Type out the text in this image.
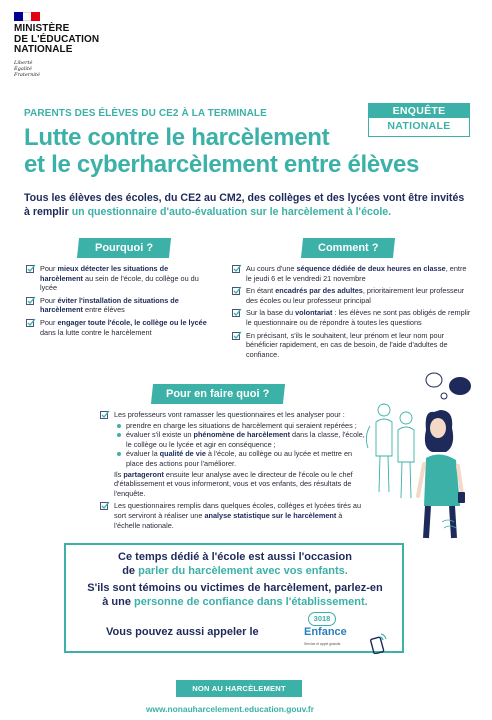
MINISTÈRE
DE L'ÉDUCATION
NATIONALE
Liberté
Égalité
Fraternité
ENQUÊTE
NATIONALE
PARENTS DES ÉLÈVES DU CE2 À LA TERMINALE
Lutte contre le harcèlement
et le cyberharcèlement entre élèves
Tous les élèves des écoles, du CE2 au CM2, des collèges et des lycées vont être invités à remplir un questionnaire d'auto-évaluation sur le harcèlement à l'école.
Pourquoi ?
Pour mieux détecter les situations de harcèlement au sein de l'école, du collège ou du lycée
Pour éviter l'installation de situations de harcèlement entre élèves
Pour engager toute l'école, le collège ou le lycée dans la lutte contre le harcèlement
Comment ?
Au cours d'une séquence dédiée de deux heures en classe, entre le jeudi 6 et le vendredi 21 novembre
En étant encadrés par des adultes, prioritairement leur professeur des écoles ou leur professeur principal
Sur la base du volontariat : les élèves ne sont pas obligés de remplir le questionnaire ou de répondre à toutes les questions
En précisant, s'ils le souhaitent, leur prénom et leur nom pour bénéficier rapidement, en cas de besoin, de l'aide d'adultes de confiance.
Pour en faire quoi ?
Les professeurs vont ramasser les questionnaires et les analyser pour :
prendre en charge les situations de harcèlement qui seraient repérées ;
évaluer s'il existe un phénomène de harcèlement dans la classe, l'école, le collège ou le lycée et agir en conséquence ;
évaluer la qualité de vie à l'école, au collège ou au lycée et mettre en place des actions pour l'améliorer.
Ils partageront ensuite leur analyse avec le directeur de l'école ou le chef d'établissement et vous informeront, vous et vos enfants, des résultats de l'enquête.
Les questionnaires remplis dans quelques écoles, collèges et lycées tirés au sort serviront à réaliser une analyse statistique sur le harcèlement à l'échelle nationale.
Ce temps dédié à l'école est aussi l'occasion
de parler du harcèlement avec vos enfants.
S'ils sont témoins ou victimes de harcèlement, parlez-en
à une personne de confiance dans l'établissement.
Vous pouvez aussi appeler le
3018
Enfance
Service et appel gratuits
NON AU HARCÈLEMENT
www.nonauharcelement.education.gouv.fr
